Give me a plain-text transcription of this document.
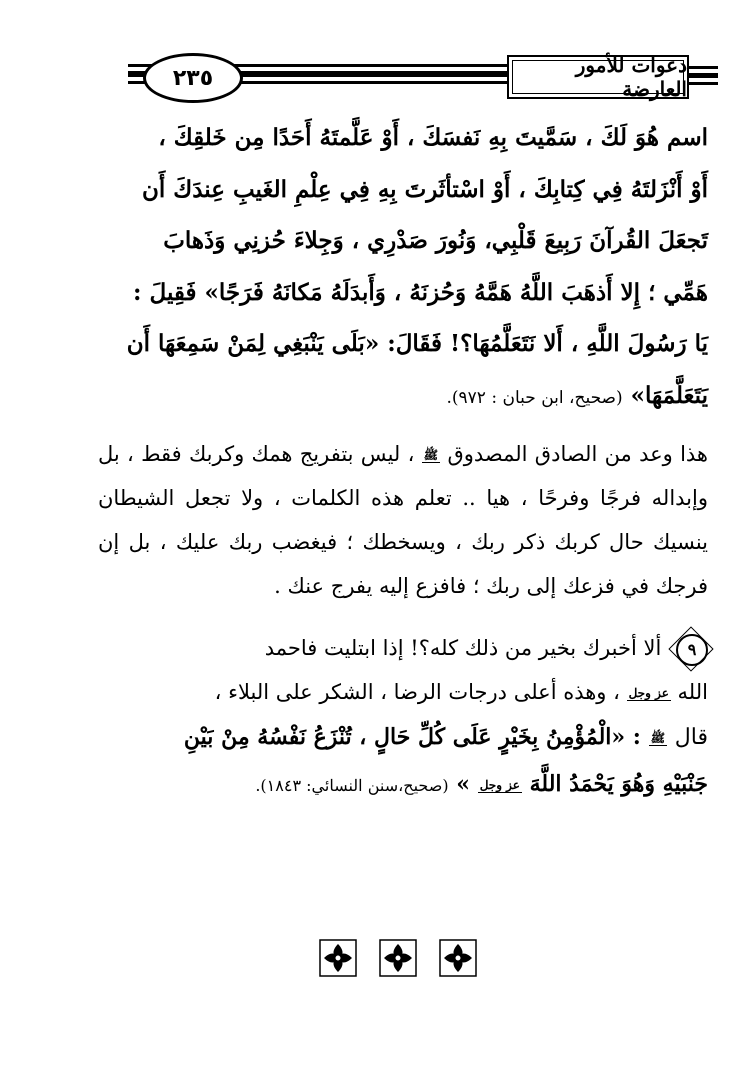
٢٣٥
دعوات للأمور العارضة

اسم هُوَ لَكَ ، سَمَّيتَ بِهِ نَفسَكَ ، أَوْ عَلَّمتَهُ أَحَدًا مِن خَلقِكَ ،

أَوْ أَنْزَلتَهُ فِي كِتابِكَ ، أَوْ اسْتأثَرتَ بِهِ فِي عِلْمِ الغَيبِ عِندَكَ أَن

تَجعَلَ القُرآنَ رَبِيعَ قَلْبِي، وَنُورَ صَدْرِي ، وَجِلاءَ حُزنِي وَذَهابَ

هَمِّي ؛ إِلا أَذهَبَ اللَّهُ هَمَّهُ وَحُزنَهُ ، وَأَبدَلَهُ مَكانَهُ فَرَجًا» فَقِيلَ :

يَا رَسُولَ اللَّهِ ، أَلا نَتَعَلَّمُهَا؟! فَقَالَ: «بَلَى يَنْبَغِي لِمَنْ سَمِعَهَا أَن

يَتَعَلَّمَهَا» (صحيح، ابن حبان : ٩٧٢).

هذا وعد من الصادق المصدوق ﷺ ، ليس بتفريج همك وكربك فقط ، بل وإبداله فرجًا وفرحًا ، هيا .. تعلم هذه الكلمات ، ولا تجعل الشيطان ينسيك حال كربك ذكر ربك ، ويسخطك ؛ فيغضب ربك عليك ، بل إن فرجك في فزعك إلى ربك ؛ فافزع إليه يفرج عنك .

٩
ألا أخبرك بخير من ذلك كله؟! إذا ابتليت فاحمد

الله عز وجل ، وهذه أعلى درجات الرضا ، الشكر على البلاء ،

قال ﷺ : «الْمُؤْمِنُ بِخَيْرٍ عَلَى كُلِّ حَالٍ ، تُنْزَعُ نَفْسُهُ مِنْ بَيْنِ

جَنْبَيْهِ وَهُوَ يَحْمَدُ اللَّهَ عز وجل » (صحيح،سنن النسائي: ١٨٤٣).
